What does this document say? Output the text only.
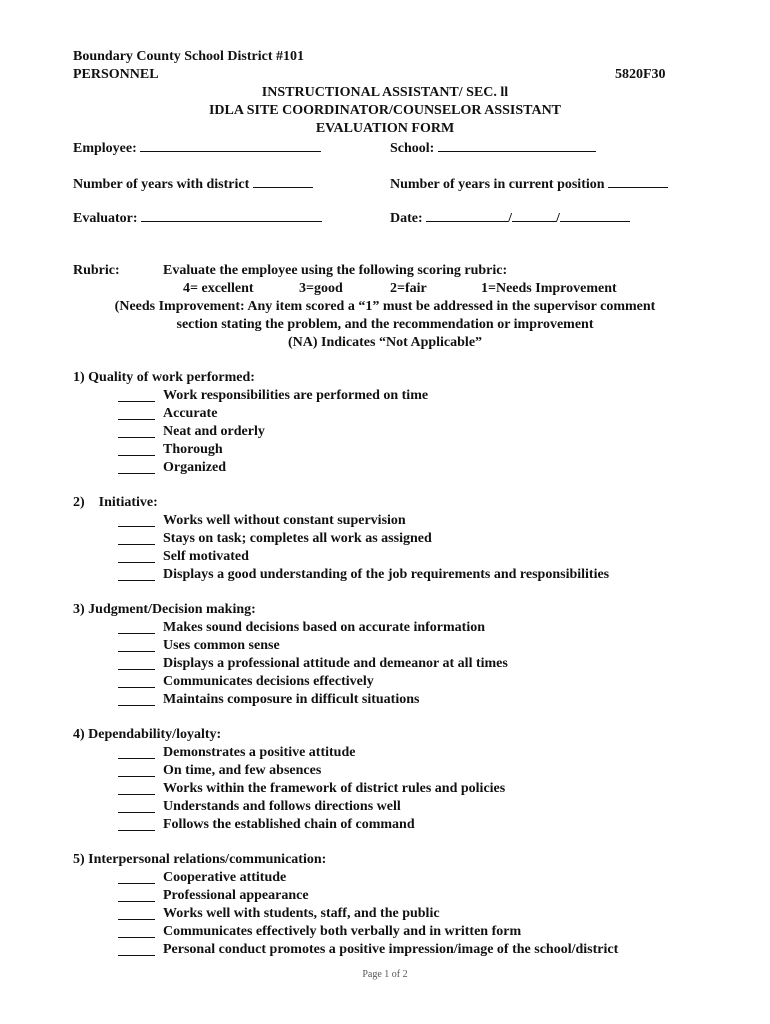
Boundary County School District #101
PERSONNEL	5820F30
INSTRUCTIONAL ASSISTANT/ SEC. ll
IDLA SITE COORDINATOR/COUNSELOR ASSISTANT
EVALUATION FORM
Employee:	School:
Number of years with district	Number of years in current position
Evaluator:	Date:	/	/
Rubric:	Evaluate the employee using the following scoring rubric:
4= excellent	3=good	2=fair	1=Needs Improvement
(Needs Improvement: Any item scored a “1” must be addressed in the supervisor comment
section stating the problem, and the recommendation or improvement
(NA) Indicates “Not Applicable”
1) Quality of work performed:
Work responsibilities are performed on time
Accurate
Neat and orderly
Thorough
Organized
2)    Initiative:
Works well without constant supervision
Stays on task; completes all work as assigned
Self motivated
Displays a good understanding of the job requirements and responsibilities
3) Judgment/Decision making:
Makes sound decisions based on accurate information
Uses common sense
Displays a professional attitude and demeanor at all times
Communicates decisions effectively
Maintains composure in difficult situations
4) Dependability/loyalty:
Demonstrates a positive attitude
On time, and few absences
Works within the framework of district rules and policies
Understands and follows directions well
Follows the established chain of command
5) Interpersonal relations/communication:
Cooperative attitude
Professional appearance
Works well with students, staff, and the public
Communicates effectively both verbally and in written form
Personal conduct promotes a positive impression/image of the school/district
Page 1 of 2
